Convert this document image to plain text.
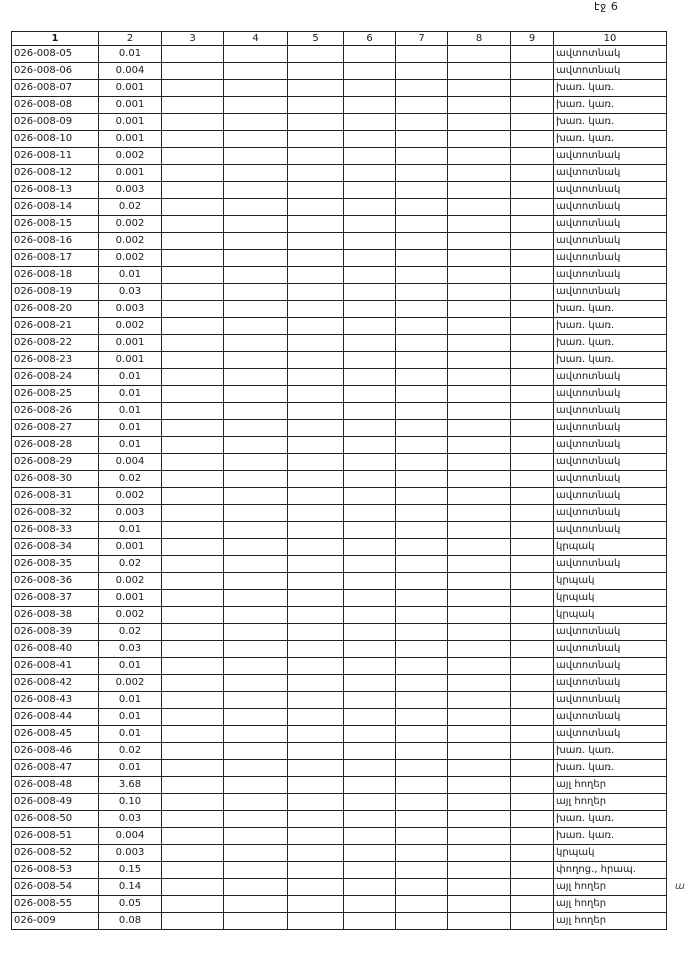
էջ 6
ա
1	2	3	4	5	6	7	8	9	10
026-008-05	0.01								ավտոտնակ
026-008-06	0.004								ավտոտնակ
026-008-07	0.001								խառ. կառ.
026-008-08	0.001								խառ. կառ.
026-008-09	0.001								խառ. կառ.
026-008-10	0.001								խառ. կառ.
026-008-11	0.002								ավտոտնակ
026-008-12	0.001								ավտոտնակ
026-008-13	0.003								ավտոտնակ
026-008-14	0.02								ավտոտնակ
026-008-15	0.002								ավտոտնակ
026-008-16	0.002								ավտոտնակ
026-008-17	0.002								ավտոտնակ
026-008-18	0.01								ավտոտնակ
026-008-19	0.03								ավտոտնակ
026-008-20	0.003								խառ. կառ.
026-008-21	0.002								խառ. կառ.
026-008-22	0.001								խառ. կառ.
026-008-23	0.001								խառ. կառ.
026-008-24	0.01								ավտոտնակ
026-008-25	0.01								ավտոտնակ
026-008-26	0.01								ավտոտնակ
026-008-27	0.01								ավտոտնակ
026-008-28	0.01								ավտոտնակ
026-008-29	0.004								ավտոտնակ
026-008-30	0.02								ավտոտնակ
026-008-31	0.002								ավտոտնակ
026-008-32	0.003								ավտոտնակ
026-008-33	0.01								ավտոտնակ
026-008-34	0.001								կրպակ
026-008-35	0.02								ավտոտնակ
026-008-36	0.002								կրպակ
026-008-37	0.001								կրպակ
026-008-38	0.002								կրպակ
026-008-39	0.02								ավտոտնակ
026-008-40	0.03								ավտոտնակ
026-008-41	0.01								ավտոտնակ
026-008-42	0.002								ավտոտնակ
026-008-43	0.01								ավտոտնակ
026-008-44	0.01								ավտոտնակ
026-008-45	0.01								ավտոտնակ
026-008-46	0.02								խառ. կառ.
026-008-47	0.01								խառ. կառ.
026-008-48	3.68								այլ հողեր
026-008-49	0.10								այլ հողեր
026-008-50	0.03								խառ. կառ.
026-008-51	0.004								խառ. կառ.
026-008-52	0.003								կրպակ
026-008-53	0.15								փողոց., հրապ.
026-008-54	0.14								այլ հողեր
026-008-55	0.05								այլ հողեր
026-009	0.08								այլ հողեր
